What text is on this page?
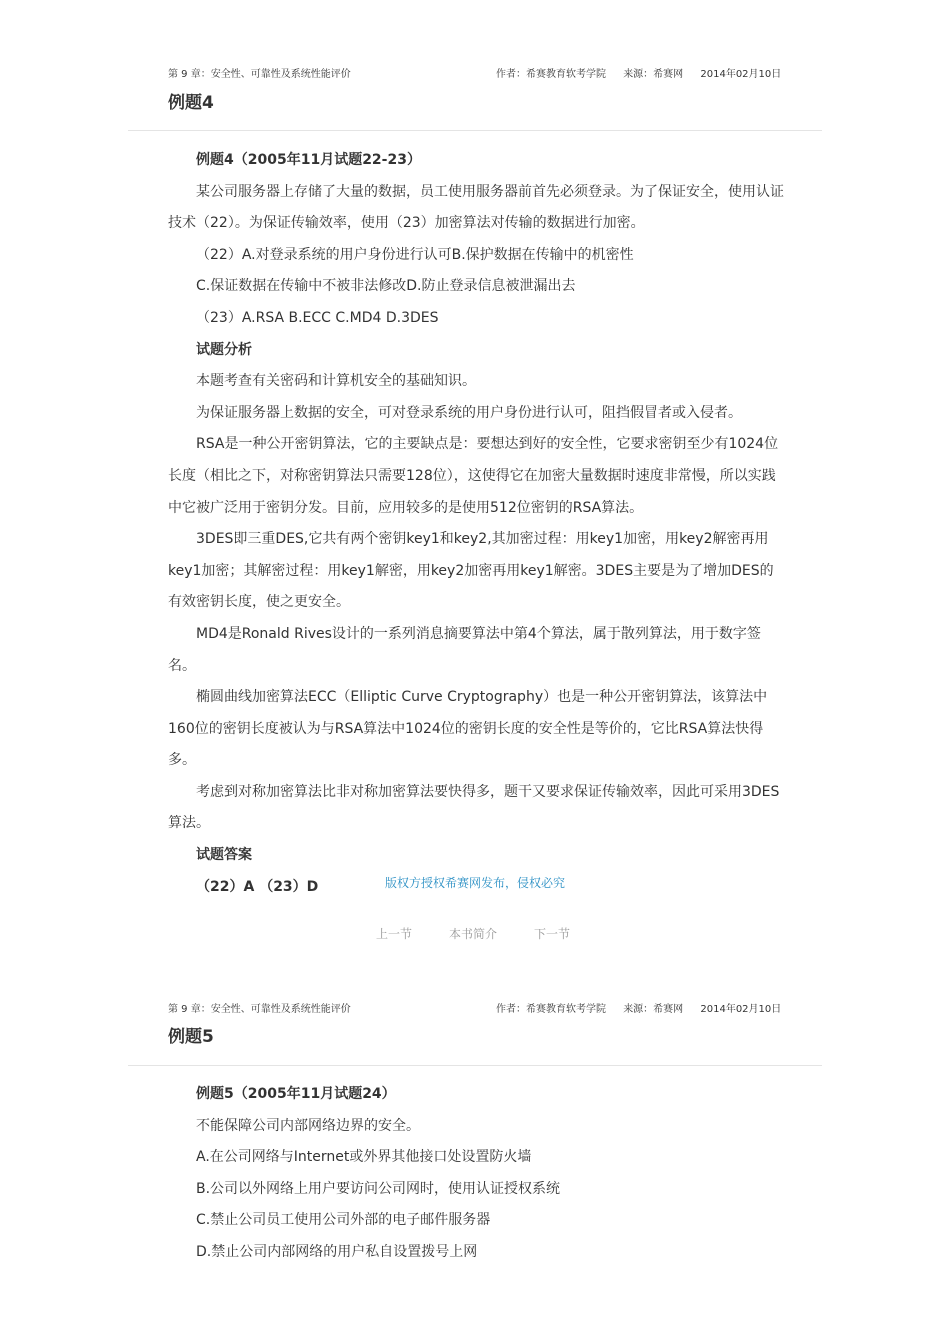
第 9 章：安全性、可靠性及系统性能评价	作者：希赛教育软考学院 来源：希赛网 2014年02月10日
例题4

例题4（2005年11月试题22-23）

某公司服务器上存储了大量的数据，员工使用服务器前首先必须登录。为了保证安全，使用认证技术（22）。为保证传输效率，使用（23）加密算法对传输的数据进行加密。

（22）A.对登录系统的用户身份进行认可B.保护数据在传输中的机密性

C.保证数据在传输中不被非法修改D.防止登录信息被泄漏出去

（23）A.RSA B.ECC C.MD4 D.3DES

试题分析

本题考查有关密码和计算机安全的基础知识。

为保证服务器上数据的安全，可对登录系统的用户身份进行认可，阻挡假冒者或入侵者。

RSA是一种公开密钥算法，它的主要缺点是：要想达到好的安全性，它要求密钥至少有1024位长度（相比之下，对称密钥算法只需要128位），这使得它在加密大量数据时速度非常慢，所以实践中它被广泛用于密钥分发。目前，应用较多的是使用512位密钥的RSA算法。

3DES即三重DES,它共有两个密钥key1和key2,其加密过程：用key1加密，用key2解密再用key1加密；其解密过程：用key1解密，用key2加密再用key1解密。3DES主要是为了增加DES的有效密钥长度，使之更安全。

MD4是Ronald Rives设计的一系列消息摘要算法中第4个算法，属于散列算法，用于数字签名。

椭圆曲线加密算法ECC（Elliptic Curve Cryptography）也是一种公开密钥算法，该算法中160位的密钥长度被认为与RSA算法中1024位的密钥长度的安全性是等价的，它比RSA算法快得多。

考虑到对称加密算法比非对称加密算法要快得多，题干又要求保证传输效率，因此可采用3DES算法。

试题答案

（22）A （23）D	版权方授权希赛网发布，侵权必究
上一节	本书简介	下一节
第 9 章：安全性、可靠性及系统性能评价	作者：希赛教育软考学院 来源：希赛网 2014年02月10日
例题5

例题5（2005年11月试题24）

不能保障公司内部网络边界的安全。

A.在公司网络与Internet或外界其他接口处设置防火墙

B.公司以外网络上用户要访问公司网时，使用认证授权系统

C.禁止公司员工使用公司外部的电子邮件服务器

D.禁止公司内部网络的用户私自设置拨号上网
